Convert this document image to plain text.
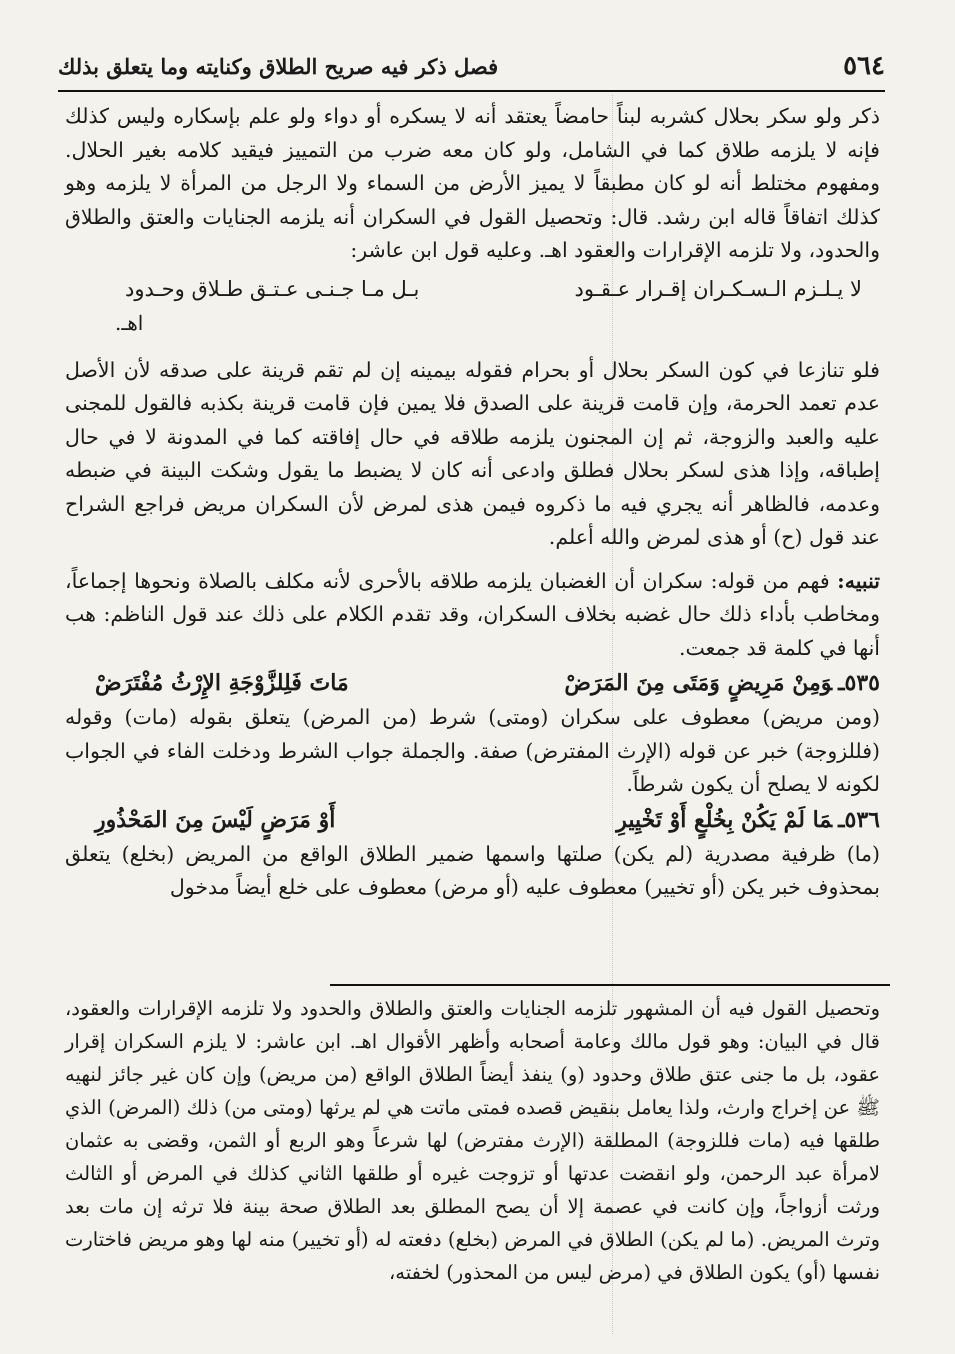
٥٦٤
فصل ذكر فيه صريح الطلاق وكنايته وما يتعلق بذلك

ذكر ولو سكر بحلال كشربه لبناً حامضاً يعتقد أنه لا يسكره أو دواء ولو علم بإسكاره وليس كذلك فإنه لا يلزمه طلاق كما في الشامل، ولو كان معه ضرب من التمييز فيقيد كلامه بغير الحلال. ومفهوم مختلط أنه لو كان مطبقاً لا يميز الأرض من السماء ولا الرجل من المرأة لا يلزمه وهو كذلك اتفاقاً قاله ابن رشد. قال: وتحصيل القول في السكران أنه يلزمه الجنايات والعتق والطلاق والحدود، ولا تلزمه الإقرارات والعقود اهـ. وعليه قول ابن عاشر:

لا يـلـزم الـسـكـران إقـرار عـقـود
بـل مـا جـنـى عـتـق طـلاق وحـدود
اهـ.

فلو تنازعا في كون السكر بحلال أو بحرام فقوله بيمينه إن لم تقم قرينة على صدقه لأن الأصل عدم تعمد الحرمة، وإن قامت قرينة على الصدق فلا يمين فإن قامت قرينة بكذبه فالقول للمجنى عليه والعبد والزوجة، ثم إن المجنون يلزمه طلاقه في حال إفاقته كما في المدونة لا في حال إطباقه، وإذا هذى لسكر بحلال فطلق وادعى أنه كان لا يضبط ما يقول وشكت البينة في ضبطه وعدمه، فالظاهر أنه يجري فيه ما ذكروه فيمن هذى لمرض لأن السكران مريض فراجع الشراح عند قول (ح) أو هذى لمرض والله أعلم.

تنبيه: فهم من قوله: سكران أن الغضبان يلزمه طلاقه بالأحرى لأنه مكلف بالصلاة ونحوها إجماعاً، ومخاطب بأداء ذلك حال غضبه بخلاف السكران، وقد تقدم الكلام على ذلك عند قول الناظم: هب أنها في كلمة قد جمعت.

٥٣٥ـوَمِنْ مَرِيضٍ وَمَتَى مِنَ المَرَضْ
مَاتَ فَلِلزَّوْجَةِ الإِرْثُ مُفْتَرَضْ

(ومن مريض) معطوف على سكران (ومتى) شرط (من المرض) يتعلق بقوله (مات) وقوله (فللزوجة) خبر عن قوله (الإرث المفترض) صفة. والجملة جواب الشرط ودخلت الفاء في الجواب لكونه لا يصلح أن يكون شرطاً.

٥٣٦ـمَا لَمْ يَكُنْ بِخُلْعٍ أَوْ تَخْيِيرِ
أَوْ مَرَضٍ لَيْسَ مِنَ المَحْذُورِ

(ما) ظرفية مصدرية (لم يكن) صلتها واسمها ضمير الطلاق الواقع من المريض (بخلع) يتعلق بمحذوف خبر يكن (أو تخيير) معطوف عليه (أو مرض) معطوف على خلع أيضاً مدخول

وتحصيل القول فيه أن المشهور تلزمه الجنايات والعتق والطلاق والحدود ولا تلزمه الإقرارات والعقود، قال في البيان: وهو قول مالك وعامة أصحابه وأظهر الأقوال اهـ. ابن عاشر: لا يلزم السكران إقرار عقود، بل ما جنى عتق طلاق وحدود (و) ينفذ أيضاً الطلاق الواقع (من مريض) وإن كان غير جائز لنهيه ﷺ عن إخراج وارث، ولذا يعامل بنقيض قصده فمتى ماتت هي لم يرثها (ومتى من) ذلك (المرض) الذي طلقها فيه (مات فللزوجة) المطلقة (الإرث مفترض) لها شرعاً وهو الربع أو الثمن، وقضى به عثمان لامرأة عبد الرحمن، ولو انقضت عدتها أو تزوجت غيره أو طلقها الثاني كذلك في المرض أو الثالث ورثت أزواجاً، وإن كانت في عصمة إلا أن يصح المطلق بعد الطلاق صحة بينة فلا ترثه إن مات بعد وترث المريض. (ما لم يكن) الطلاق في المرض (بخلع) دفعته له (أو تخيير) منه لها وهو مريض فاختارت نفسها (أو) يكون الطلاق في (مرض ليس من المحذور) لخفته،
